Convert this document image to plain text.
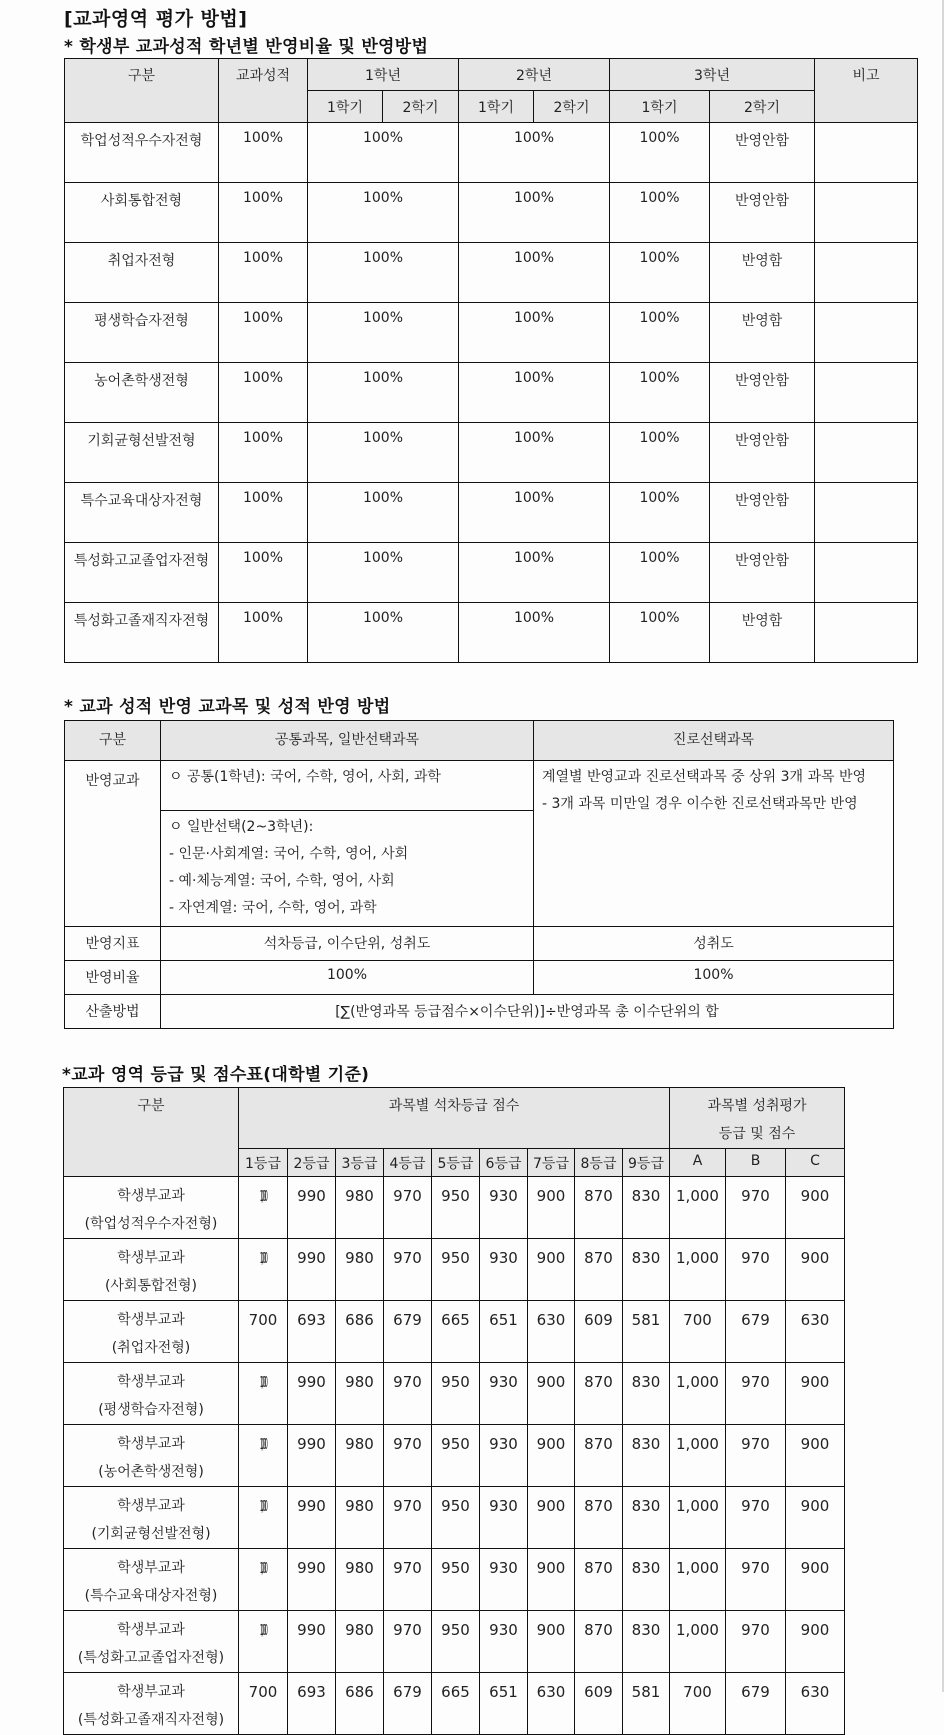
[교과영역 평가 방법]
* 학생부 교과성적 학년별 반영비율 및 반영방법
구분	교과성적	1학년		2학년		3학년		비고
		1학기	2학기	1학기	2학기	1학기	2학기	
학업성적우수자전형	100%	100%		100%		100%	반영안함	
사회통합전형	100%	100%		100%		100%	반영안함	
취업자전형	100%	100%		100%		100%	반영함	
평생학습자전형	100%	100%		100%		100%	반영함	
농어촌학생전형	100%	100%		100%		100%	반영안함	
기회균형선발전형	100%	100%		100%		100%	반영안함	
특수교육대상자전형	100%	100%		100%		100%	반영안함	
특성화고교졸업자전형	100%	100%		100%		100%	반영안함	
특성화고졸재직자전형	100%	100%		100%		100%	반영함	
* 교과 성적 반영 교과목 및 성적 반영 방법
구분	공통과목, 일반선택과목	진로선택과목
반영교과	ㅇ 공통(1학년): 국어, 수학, 영어, 사회, 과학	계열별 반영교과 진로선택과목 중 상위 3개 과목 반영
- 3개 과목 미만일 경우 이수한 진로선택과목만 반영

	ㅇ 일반선택(2~3학년):
- 인문·사회계열: 국어, 수학, 영어, 사회
- 예·체능계열: 국어, 수학, 영어, 사회
- 자연계열: 국어, 수학, 영어, 과학	

반영지표	석차등급, 이수단위, 성취도	성취도
반영비율	100%	100%
산출방법	[∑(반영과목 등급점수×이수단위)]÷반영과목 총 이수단위의 합	
*교과 영역 등급 및 점수표(대학별 기준)
구분	과목별 석차등급 점수									과목별 성취평가
등급 및 점수		

	1등급	2등급	3등급	4등급	5등급	6등급	7등급	8등급	9등급	A	B	C

학생부교과
(학업성적우수자전형)	1,000	990	980	970	950	930	900	870	830	1,000	970	900

학생부교과
(사회통합전형)	1,000	990	980	970	950	930	900	870	830	1,000	970	900

학생부교과
(취업자전형)	700	693	686	679	665	651	630	609	581	700	679	630

학생부교과
(평생학습자전형)	1,000	990	980	970	950	930	900	870	830	1,000	970	900

학생부교과
(농어촌학생전형)	1,000	990	980	970	950	930	900	870	830	1,000	970	900

학생부교과
(기회균형선발전형)	1,000	990	980	970	950	930	900	870	830	1,000	970	900

학생부교과
(특수교육대상자전형)	1,000	990	980	970	950	930	900	870	830	1,000	970	900

학생부교과
(특성화고교졸업자전형)	1,000	990	980	970	950	930	900	870	830	1,000	970	900

학생부교과
(특성화고졸재직자전형)	700	693	686	679	665	651	630	609	581	700	679	630
